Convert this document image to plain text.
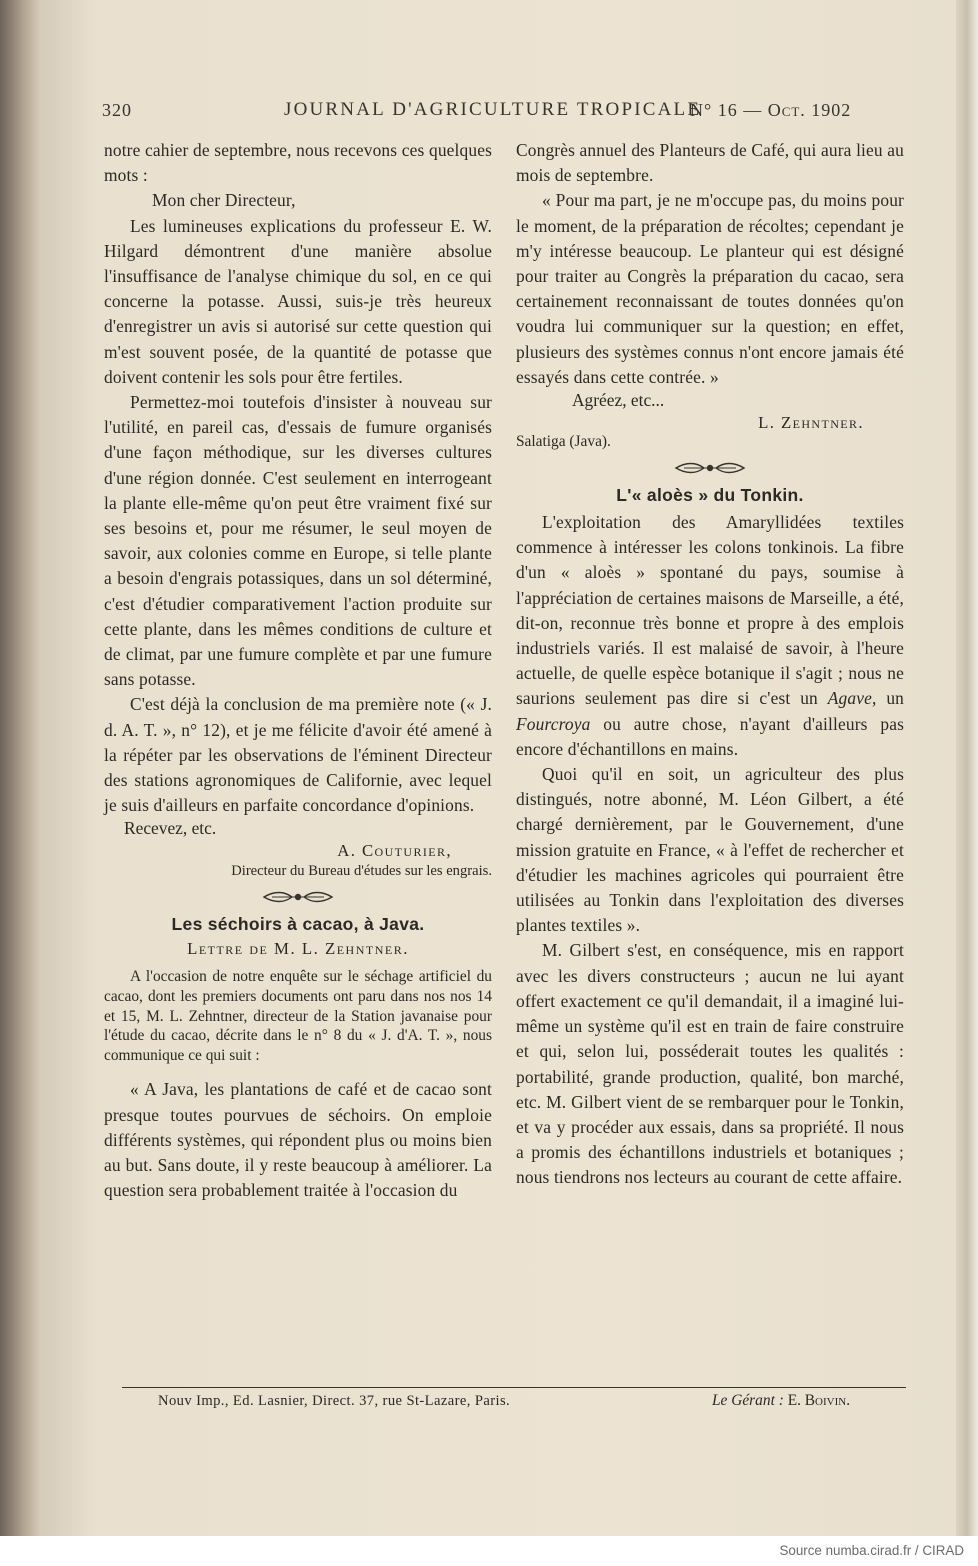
320	JOURNAL D'AGRICULTURE TROPICALE
N° 16 — Oct. 1902

notre cahier de septembre, nous recevons ces quelques mots :

Mon cher Directeur,

Les lumineuses explications du professeur E. W. Hilgard démontrent d'une manière absolue l'insuffisance de l'analyse chimique du sol, en ce qui concerne la potasse. Aussi, suis-je très heureux d'enregistrer un avis si autorisé sur cette question qui m'est souvent posée, de la quantité de potasse que doivent contenir les sols pour être fertiles.

Permettez-moi toutefois d'insister à nouveau sur l'utilité, en pareil cas, d'essais de fumure organisés d'une façon méthodique, sur les diverses cultures d'une région donnée. C'est seulement en interrogeant la plante elle-même qu'on peut être vraiment fixé sur ses besoins et, pour me résumer, le seul moyen de savoir, aux colonies comme en Europe, si telle plante a besoin d'engrais potassiques, dans un sol déterminé, c'est d'étudier comparativement l'action produite sur cette plante, dans les mêmes conditions de culture et de climat, par une fumure complète et par une fumure sans potasse.

C'est déjà la conclusion de ma première note (« J. d. A. T. », n° 12), et je me félicite d'avoir été amené à la répéter par les observations de l'éminent Directeur des stations agronomiques de Californie, avec lequel je suis d'ailleurs en parfaite concordance d'opinions.

Recevez, etc.

A. Couturier,

Directeur du Bureau d'études sur les engrais.

Les séchoirs à cacao, à Java.

Lettre de M. L. Zehntner.

A l'occasion de notre enquête sur le séchage artificiel du cacao, dont les premiers documents ont paru dans nos nos 14 et 15, M. L. Zehntner, directeur de la Station javanaise pour l'étude du cacao, décrite dans le n° 8 du « J. d'A. T. », nous communique ce qui suit :

« A Java, les plantations de café et de cacao sont presque toutes pourvues de séchoirs. On emploie différents systèmes, qui répondent plus ou moins bien au but. Sans doute, il y reste beaucoup à améliorer. La question sera probablement traitée à l'occasion du

Congrès annuel des Planteurs de Café, qui aura lieu au mois de septembre.

« Pour ma part, je ne m'occupe pas, du moins pour le moment, de la préparation de récoltes; cependant je m'y intéresse beaucoup. Le planteur qui est désigné pour traiter au Congrès la préparation du cacao, sera certainement reconnaissant de toutes données qu'on voudra lui communiquer sur la question; en effet, plusieurs des systèmes connus n'ont encore jamais été essayés dans cette contrée. »

Agréez, etc...

L. Zehntner.

Salatiga (Java).

L'« aloès » du Tonkin.

L'exploitation des Amaryllidées textiles commence à intéresser les colons tonkinois. La fibre d'un « aloès » spontané du pays, soumise à l'appréciation de certaines maisons de Marseille, a été, dit-on, reconnue très bonne et propre à des emplois industriels variés. Il est malaisé de savoir, à l'heure actuelle, de quelle espèce botanique il s'agit ; nous ne saurions seulement pas dire si c'est un Agave, un Fourcroya ou autre chose, n'ayant d'ailleurs pas encore d'échantillons en mains.

Quoi qu'il en soit, un agriculteur des plus distingués, notre abonné, M. Léon Gilbert, a été chargé dernièrement, par le Gouvernement, d'une mission gratuite en France, « à l'effet de rechercher et d'étudier les machines agricoles qui pourraient être utilisées au Tonkin dans l'exploitation des diverses plantes textiles ».

M. Gilbert s'est, en conséquence, mis en rapport avec les divers constructeurs ; aucun ne lui ayant offert exactement ce qu'il demandait, il a imaginé lui-même un système qu'il est en train de faire construire et qui, selon lui, posséderait toutes les qualités : portabilité, grande production, qualité, bon marché, etc. M. Gilbert vient de se rembarquer pour le Tonkin, et va y procéder aux essais, dans sa propriété. Il nous a promis des échantillons industriels et botaniques ; nous tiendrons nos lecteurs au courant de cette affaire.

Nouv Imp., Ed. Lasnier, Direct. 37, rue St-Lazare, Paris.	Le Gérant : E. Boivin.
Source numba.cirad.fr / CIRAD
